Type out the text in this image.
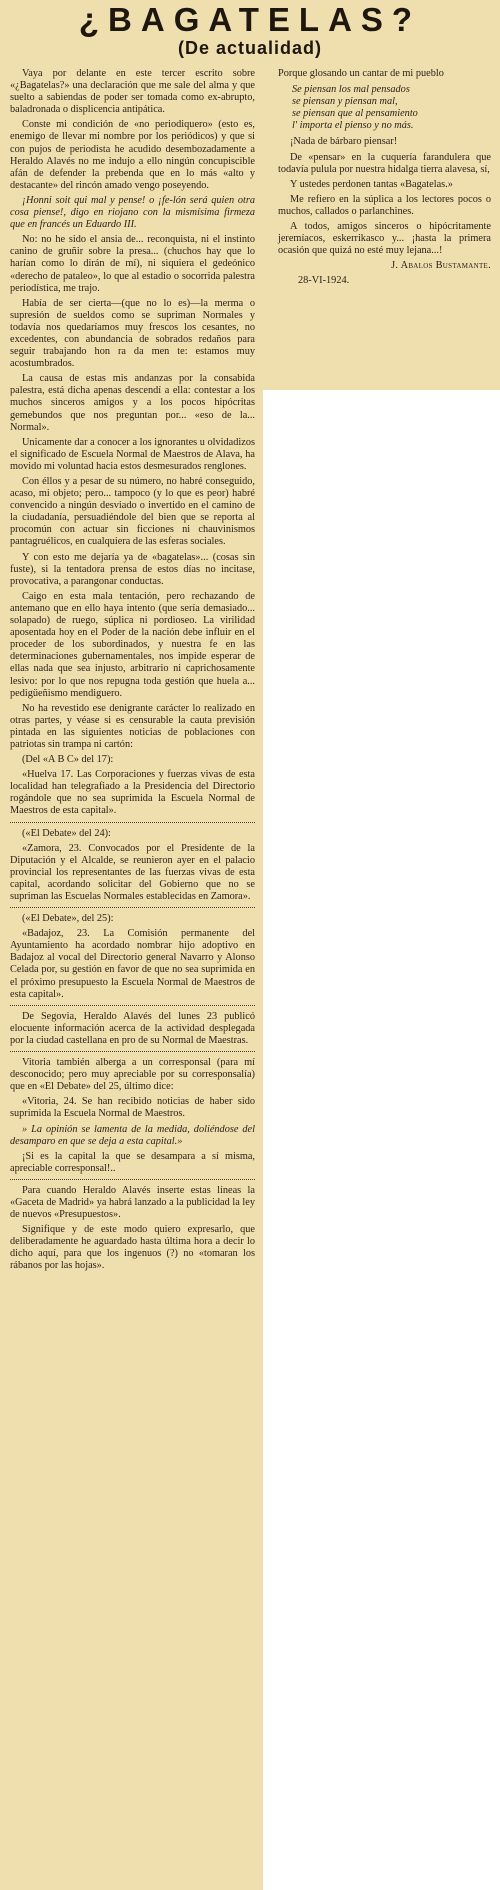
¿BAGATELAS?
(De actualidad)

Vaya por delante en este tercer escrito sobre «¿Bagatelas?» una declaración que me sale del alma y que suelto a sabiendas de poder ser tomada como ex-abrupto, baladronada o displicencia antipática.

Conste mi condición de «no periodiquero» (esto es, enemigo de llevar mi nombre por los periódicos) y que si con pujos de periodista he acudido desembozadamente a Heraldo Alavés no me indujo a ello ningún concupiscible afán de defender la prebenda que en lo más «alto y destacante» del rincón amado vengo poseyendo.

¡Honni soit qui mal y pense! o ¡fe-lón será quien otra cosa piense!, digo en riojano con la mismísima firmeza que en francés un Eduardo III.

No: no he sido el ansia de... reconquista, ni el instinto canino de gruñir sobre la presa... (chuchos hay que lo harían como lo dirán de mí), ni siquiera el gedeónico «derecho de pataleo», lo que al estadio o socorrida palestra periodística, me trajo.

Había de ser cierta—(que no lo es)—la merma o supresión de sueldos como se supriman Normales y todavía nos quedaríamos muy frescos los cesantes, no excedentes, con abundancia de sobrados redaños para seguir trabajando hon ra da men te: estamos muy acostumbrados.

La causa de estas mis andanzas por la consabida palestra, está dicha apenas descendí a ella: contestar a los muchos sinceros amigos y a los pocos hipócritas gemebundos que nos preguntan por... «eso de la... Normal».

Unicamente dar a conocer a los ignorantes u olvidadizos el significado de Escuela Normal de Maestros de Alava, ha movido mi voluntad hacia estos desmesurados renglones.

Con éllos y a pesar de su número, no habré conseguido, acaso, mi objeto; pero... tampoco (y lo que es peor) habré convencido a ningún desviado o invertido en el camino de la ciudadanía, persuadiéndole del bien que se reporta al procomún con actuar sin ficciones ni chauvinismos pantagruélicos, en cualquiera de las esferas sociales.

Y con esto me dejaría ya de «bagatelas»... (cosas sin fuste), si la tentadora prensa de estos días no incitase, provocativa, a parangonar conductas.

Caigo en esta mala tentación, pero rechazando de antemano que en ello haya intento (que sería demasiado... solapado) de ruego, súplica ni pordioseo. La virilidad aposentada hoy en el Poder de la nación debe influir en el proceder de los subordinados, y nuestra fe en las determinaciones gubernamentales, nos impide esperar de ellas nada que sea injusto, arbitrario ni caprichosamente lesivo: por lo que nos repugna toda gestión que huela a... pedigüeñismo mendiguero.

No ha revestido ese denigrante carácter lo realizado en otras partes, y véase si es censurable la cauta previsión pintada en las siguientes noticias de poblaciones con patriotas sin trampa ni cartón:

(Del «A B C» del 17):

«Huelva 17. Las Corporaciones y fuerzas vivas de esta localidad han telegrafiado a la Presidencia del Directorio rogándole que no sea suprimida la Escuela Normal de Maestros de esta capital».

(«El Debate» del 24):

«Zamora, 23. Convocados por el Presidente de la Diputación y el Alcalde, se reunieron ayer en el palacio provincial los representantes de las fuerzas vivas de esta capital, acordando solicitar del Gobierno que no se supriman las Escuelas Normales establecidas en Zamora».

(«El Debate», del 25):

«Badajoz, 23. La Comisión permanente del Ayuntamiento ha acordado nombrar hijo adoptivo en Badajoz al vocal del Directorio general Navarro y Alonso Celada por, su gestión en favor de que no sea suprimida en el próximo presupuesto la Escuela Normal de Maestros de esta capital».

De Segovia, Heraldo Alavés del lunes 23 publicó elocuente información acerca de la actividad desplegada por la ciudad castellana en pro de su Normal de Maestras.

Vitoria también alberga a un corresponsal (para mí desconocido; pero muy apreciable por su corresponsalía) que en «El Debate» del 25, último dice:

«Vitoria, 24. Se han recibido noticias de haber sido suprimida la Escuela Normal de Maestros.

» La opinión se lamenta de la medida, doliéndose del desamparo en que se deja a esta capital.»

¡Si es la capital la que se desampara a sí misma, apreciable corresponsal!..

Para cuando Heraldo Alavés inserte estas líneas la «Gaceta de Madrid» ya habrá lanzado a la publicidad la ley de nuevos «Presupuestos».

Signifique y de este modo quiero expresarlo, que deliberadamente he aguardado hasta última hora a decir lo dicho aquí, para que los ingenuos (?) no «tomaran los rábanos por las hojas».

Porque glosando un cantar de mi pueblo

Se piensan los mal pensados

se piensan y piensan mal,

se piensan que al pensamiento

l' importa el pienso y no más.

¡Nada de bárbaro piensar!

De «pensar» en la cuquería farandulera que todavía pulula por nuestra hidalga tierra alavesa, sí,

Y ustedes perdonen tantas «Bagatelas.»

Me refiero en la súplica a los lectores pocos o muchos, callados o parlanchines.

A todos, amigos sinceros o hipócritamente jeremíacos, eskerrikasco y... ¡hasta la primera ocasión que quizá no esté muy lejana...!

J. Abalos Bustamante.

28-VI-1924.
